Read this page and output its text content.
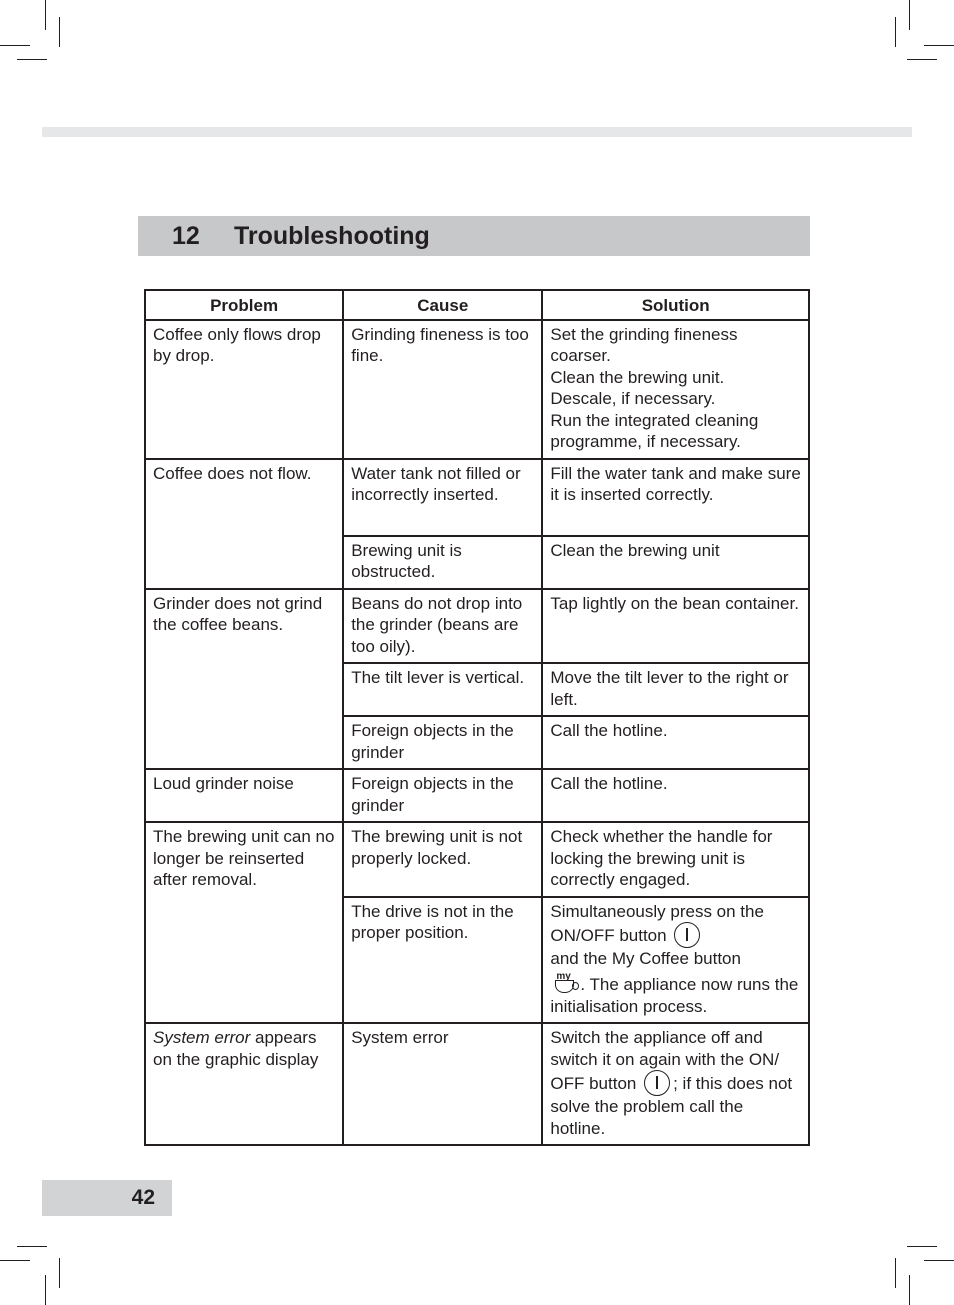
12	Troubleshooting
Problem	Cause	Solution
Coffee only flows drop by drop.	Grinding fineness is too fine.	Set the grinding fineness coarser.
Clean the brewing unit.
Descale, if necessary.
Run the integrated cleaning programme, if necessary.

Coffee does not flow.	Water tank not filled or incorrectly inserted.	Fill the water tank and make sure it is inserted correctly.
	Brewing unit is obstructed.	Clean the brewing unit
Grinder does not grind the coffee beans.	Beans do not drop into the grinder (beans are too oily).	Tap lightly on the bean container.
	The tilt lever is vertical.	Move the tilt lever to the right or left.
	Foreign objects in the grinder	Call the hotline.
Loud grinder noise	Foreign objects in the grinder	Call the hotline.
The brewing unit can no longer be reinserted after removal.	The brewing unit is not properly locked.	Check whether the handle for locking the brewing unit is correctly engaged.
	The drive is not in the proper position.	Simultaneously press on the ON/OFF button
and the My Coffee button
my . The appliance now runs the initialisation process.
System error appears on the graphic display	System error	Switch the appliance off and switch it on again with the ON/ OFF button ; if this does not solve the problem call the hotline.
42
